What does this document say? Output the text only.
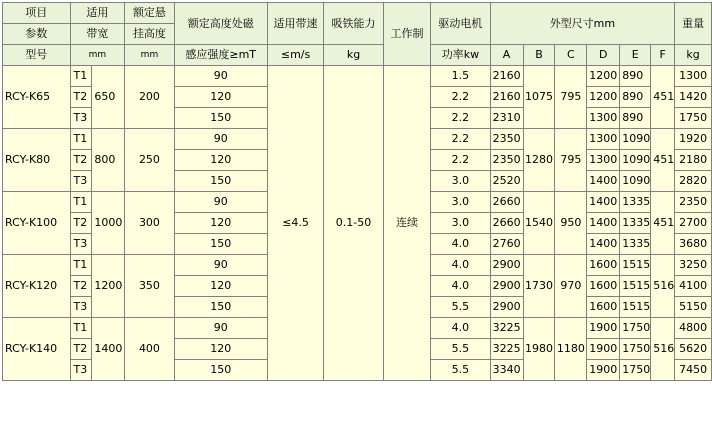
项目	适用		额定悬	额定高度处磁	适用带速	吸铁能力	工作制	驱动电机	外型尺寸mm						重量
参数	带宽		挂高度												
型号				感应强度≥mT	≤m/s	kg		功率kw							kg
	mm		mm						A	B	C	D	E	F	
RCY-K65	T1	650	200	90	≤4.5	0.1-50	连续	1.5	2160	1075	795	1200	890	451	1300
	T2			120				2.2	2160			1200	890		1420
	T3			150				2.2	2310			1300	890		1750
RCY-K80	T1	800	250	90				2.2	2350	1280	795	1300	1090	451	1920
	T2			120				2.2	2350			1300	1090		2180
	T3			150				3.0	2520			1400	1090		2820
RCY-K100	T1	1000	300	90				3.0	2660	1540	950	1400	1335	451	2350
	T2			120				3.0	2660			1400	1335		2700
	T3			150				4.0	2760			1400	1335		3680
RCY-K120	T1	1200	350	90				4.0	2900	1730	970	1600	1515	516	3250
	T2			120				4.0	2900			1600	1515		4100
	T3			150				5.5	2900			1600	1515		5150
RCY-K140	T1	1400	400	90				4.0	3225	1980	1180	1900	1750	516	4800
	T2			120				5.5	3225			1900	1750		5620
	T3			150				5.5	3340			1900	1750		7450
